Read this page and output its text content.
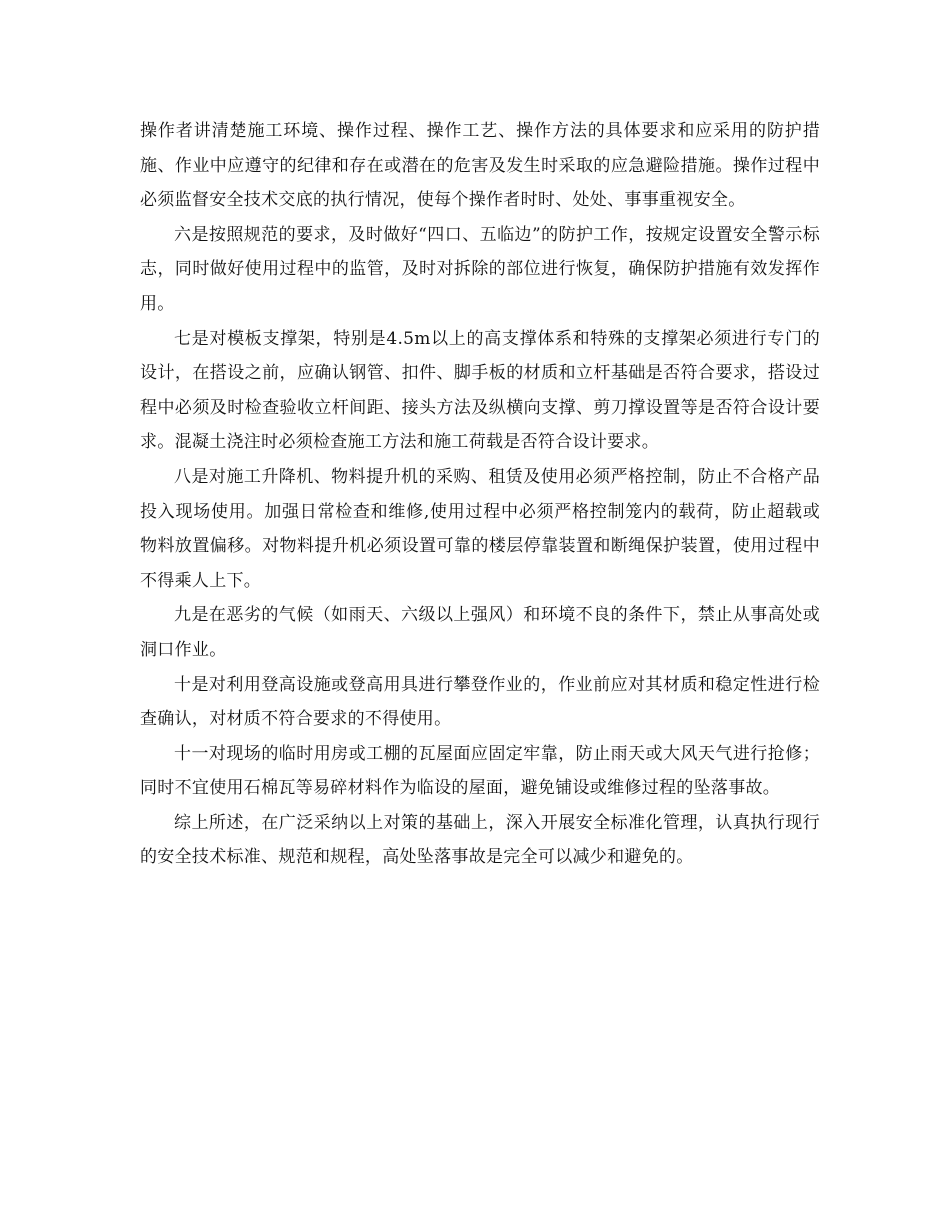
操作者讲清楚施工环境、操作过程、操作工艺、操作方法的具体要求和应采用的防护措施、作业中应遵守的纪律和存在或潜在的危害及发生时采取的应急避险措施。操作过程中必须监督安全技术交底的执行情况，使每个操作者时时、处处、事事重视安全。

六是按照规范的要求，及时做好“四口、五临边”的防护工作，按规定设置安全警示标志，同时做好使用过程中的监管，及时对拆除的部位进行恢复，确保防护措施有效发挥作用。

七是对模板支撑架，特别是4.5m以上的高支撑体系和特殊的支撑架必须进行专门的设计，在搭设之前，应确认钢管、扣件、脚手板的材质和立杆基础是否符合要求，搭设过程中必须及时检查验收立杆间距、接头方法及纵横向支撑、剪刀撑设置等是否符合设计要求。混凝土浇注时必须检查施工方法和施工荷载是否符合设计要求。

八是对施工升降机、物料提升机的采购、租赁及使用必须严格控制，防止不合格产品投入现场使用。加强日常检查和维修,使用过程中必须严格控制笼内的载荷，防止超载或物料放置偏移。对物料提升机必须设置可靠的楼层停靠装置和断绳保护装置，使用过程中不得乘人上下。

九是在恶劣的气候（如雨天、六级以上强风）和环境不良的条件下，禁止从事高处或洞口作业。

十是对利用登高设施或登高用具进行攀登作业的，作业前应对其材质和稳定性进行检查确认，对材质不符合要求的不得使用。

十一对现场的临时用房或工棚的瓦屋面应固定牢靠，防止雨天或大风天气进行抢修；同时不宜使用石棉瓦等易碎材料作为临设的屋面，避免铺设或维修过程的坠落事故。

综上所述，在广泛采纳以上对策的基础上，深入开展安全标准化管理，认真执行现行的安全技术标准、规范和规程，高处坠落事故是完全可以减少和避免的。
